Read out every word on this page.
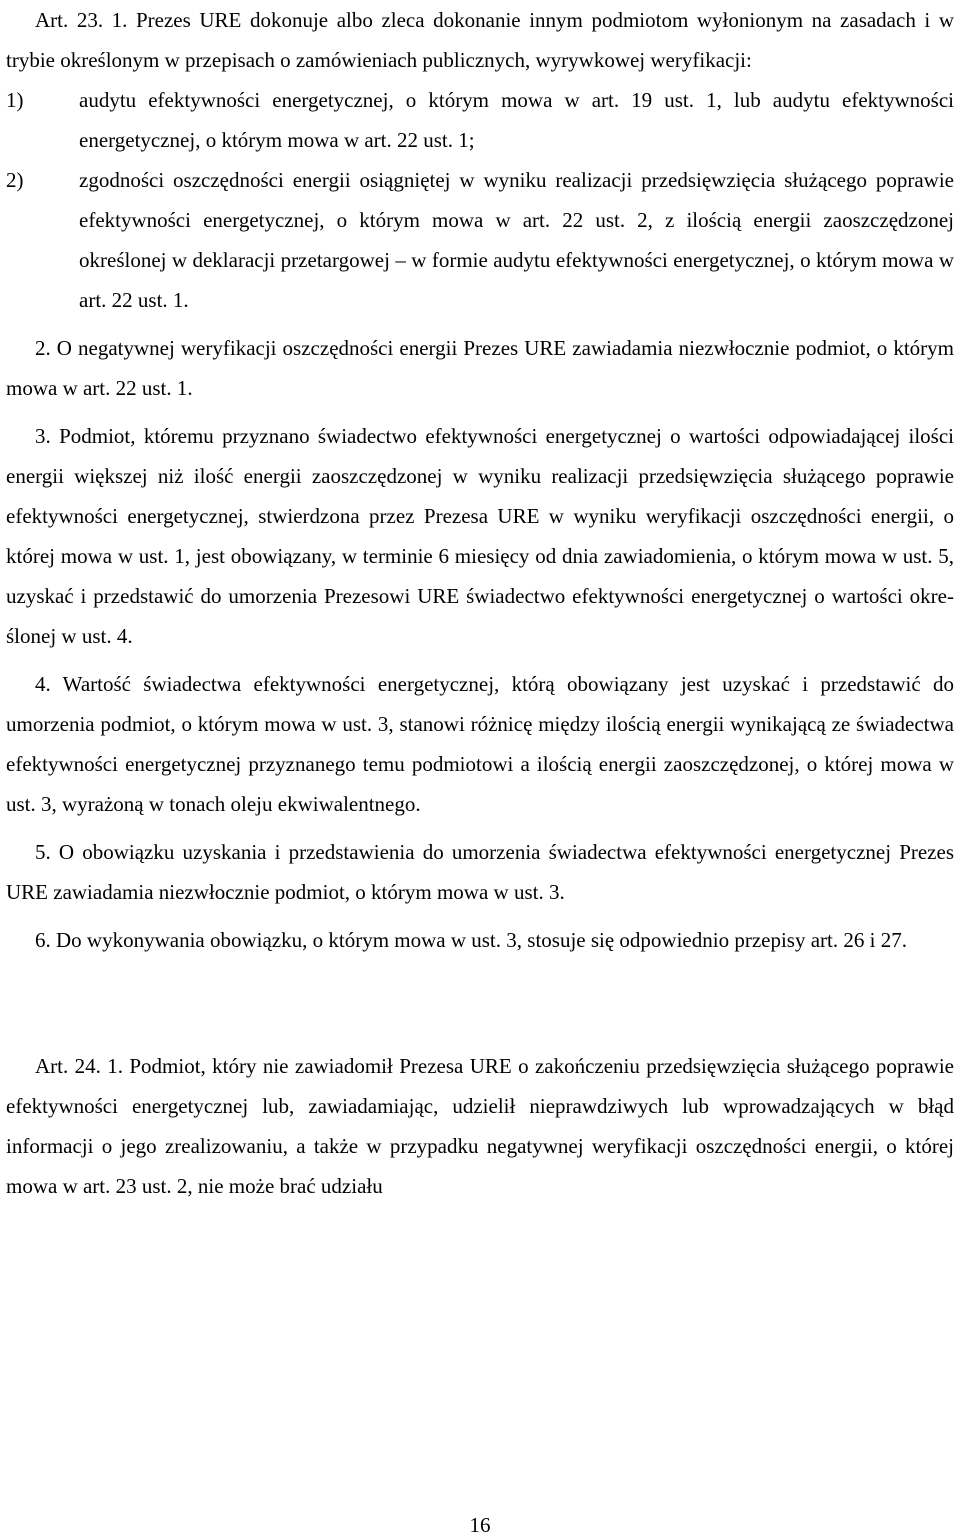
Art. 23. 1. Prezes URE dokonuje albo zleca dokonanie innym podmiotom wyłonionym na zasadach i w trybie określonym w przepisach o zamówieniach publicznych, wyrywkowej weryfikacji:

1)	audytu efektywności energetycznej, o którym mowa w art. 19 ust. 1, lub audytu efektywności energetycznej, o którym mowa w art. 22 ust. 1;

2)	zgodności oszczędności energii osiągniętej w wyniku realizacji przedsięwzięcia służącego poprawie efektywności energetycznej, o którym mowa w art. 22 ust. 2, z ilością energii zaoszczędzonej określonej w deklaracji przetargowej – w formie audytu efektywności energetycznej, o którym mowa w art. 22 ust. 1.

2. O negatywnej weryfikacji oszczędności energii Prezes URE zawiadamia niezwłocznie podmiot, o którym mowa w art. 22 ust. 1.

3. Podmiot, któremu przyznano świadectwo efektywności energetycznej o wartości odpowiadającej ilości energii większej niż ilość energii zaoszczędzonej w wyniku realizacji przedsięwzięcia służącego poprawie efektywności energetycznej, stwierdzona przez Prezesa URE w wyniku weryfikacji oszczędności energii, o której mowa w ust. 1, jest obowiązany, w terminie 6 miesięcy od dnia zawiadomienia, o którym mowa w ust. 5, uzyskać i przedstawić do umorzenia Prezesowi URE świadectwo efektywności energetycznej o wartości określonej w ust. 4.

4. Wartość świadectwa efektywności energetycznej, którą obowiązany jest uzyskać i przedstawić do umorzenia podmiot, o którym mowa w ust. 3, stanowi różnicę między ilością energii wynikającą ze świadectwa efektywności energetycznej przyznanego temu podmiotowi a ilością energii zaoszczędzonej, o której mowa w ust. 3, wyrażoną w tonach oleju ekwiwalentnego.

5. O obowiązku uzyskania i przedstawienia do umorzenia świadectwa efektywności energetycznej Prezes URE zawiadamia niezwłocznie podmiot, o którym mowa w ust. 3.

6. Do wykonywania obowiązku, o którym mowa w ust. 3, stosuje się odpowiednio przepisy art. 26 i 27.

Art. 24. 1. Podmiot, który nie zawiadomił Prezesa URE o zakończeniu przedsięwzięcia służącego poprawie efektywności energetycznej lub, zawiadamiając, udzielił nieprawdziwych lub wprowadzających w błąd informacji o jego zrealizowaniu, a także w przypadku negatywnej weryfikacji oszczędności energii, o której mowa w art. 23 ust. 2, nie może brać udziału

16
